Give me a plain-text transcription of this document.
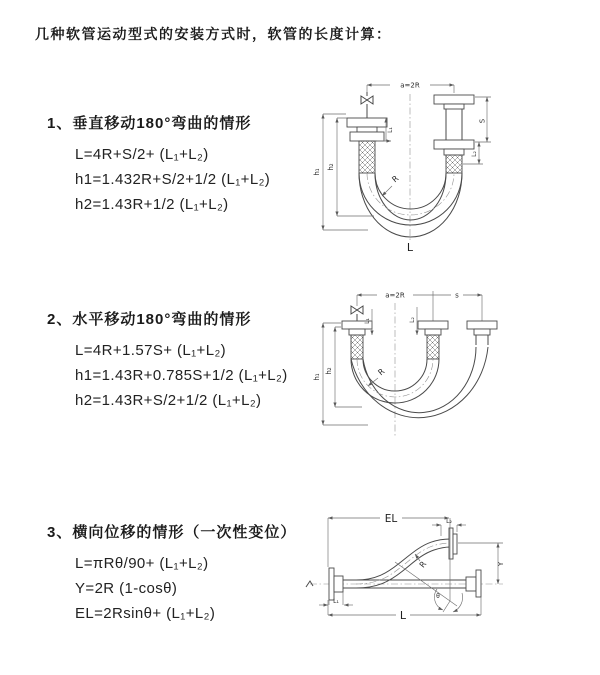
几种软管运动型式的安装方式时，软管的长度计算：
1、垂直移动180°弯曲的情形
L=4R+S/2+ (L₁+L₂)
h1=1.432R+S/2+1/2 (L₁+L₂)
h2=1.43R+1/2 (L₁+L₂)
2、水平移动180°弯曲的情形
L=4R+1.57S+ (L₁+L₂)
h1=1.43R+0.785S+1/2 (L₁+L₂)
h2=1.43R+S/2+1/2 (L₁+L₂)
3、横向位移的情形（一次性变位）
L=πRθ/90+ (L₁+L₂)
Y=2R (1-cosθ)
EL=2Rsinθ+ (L₁+L₂)
a=2R
S
L₂
L₁
h₁
h₂
R
L
a=2R	s
L₁	L₂
h₁
h₂	R
EL	L₂
Y
L
L₁
R
θ
